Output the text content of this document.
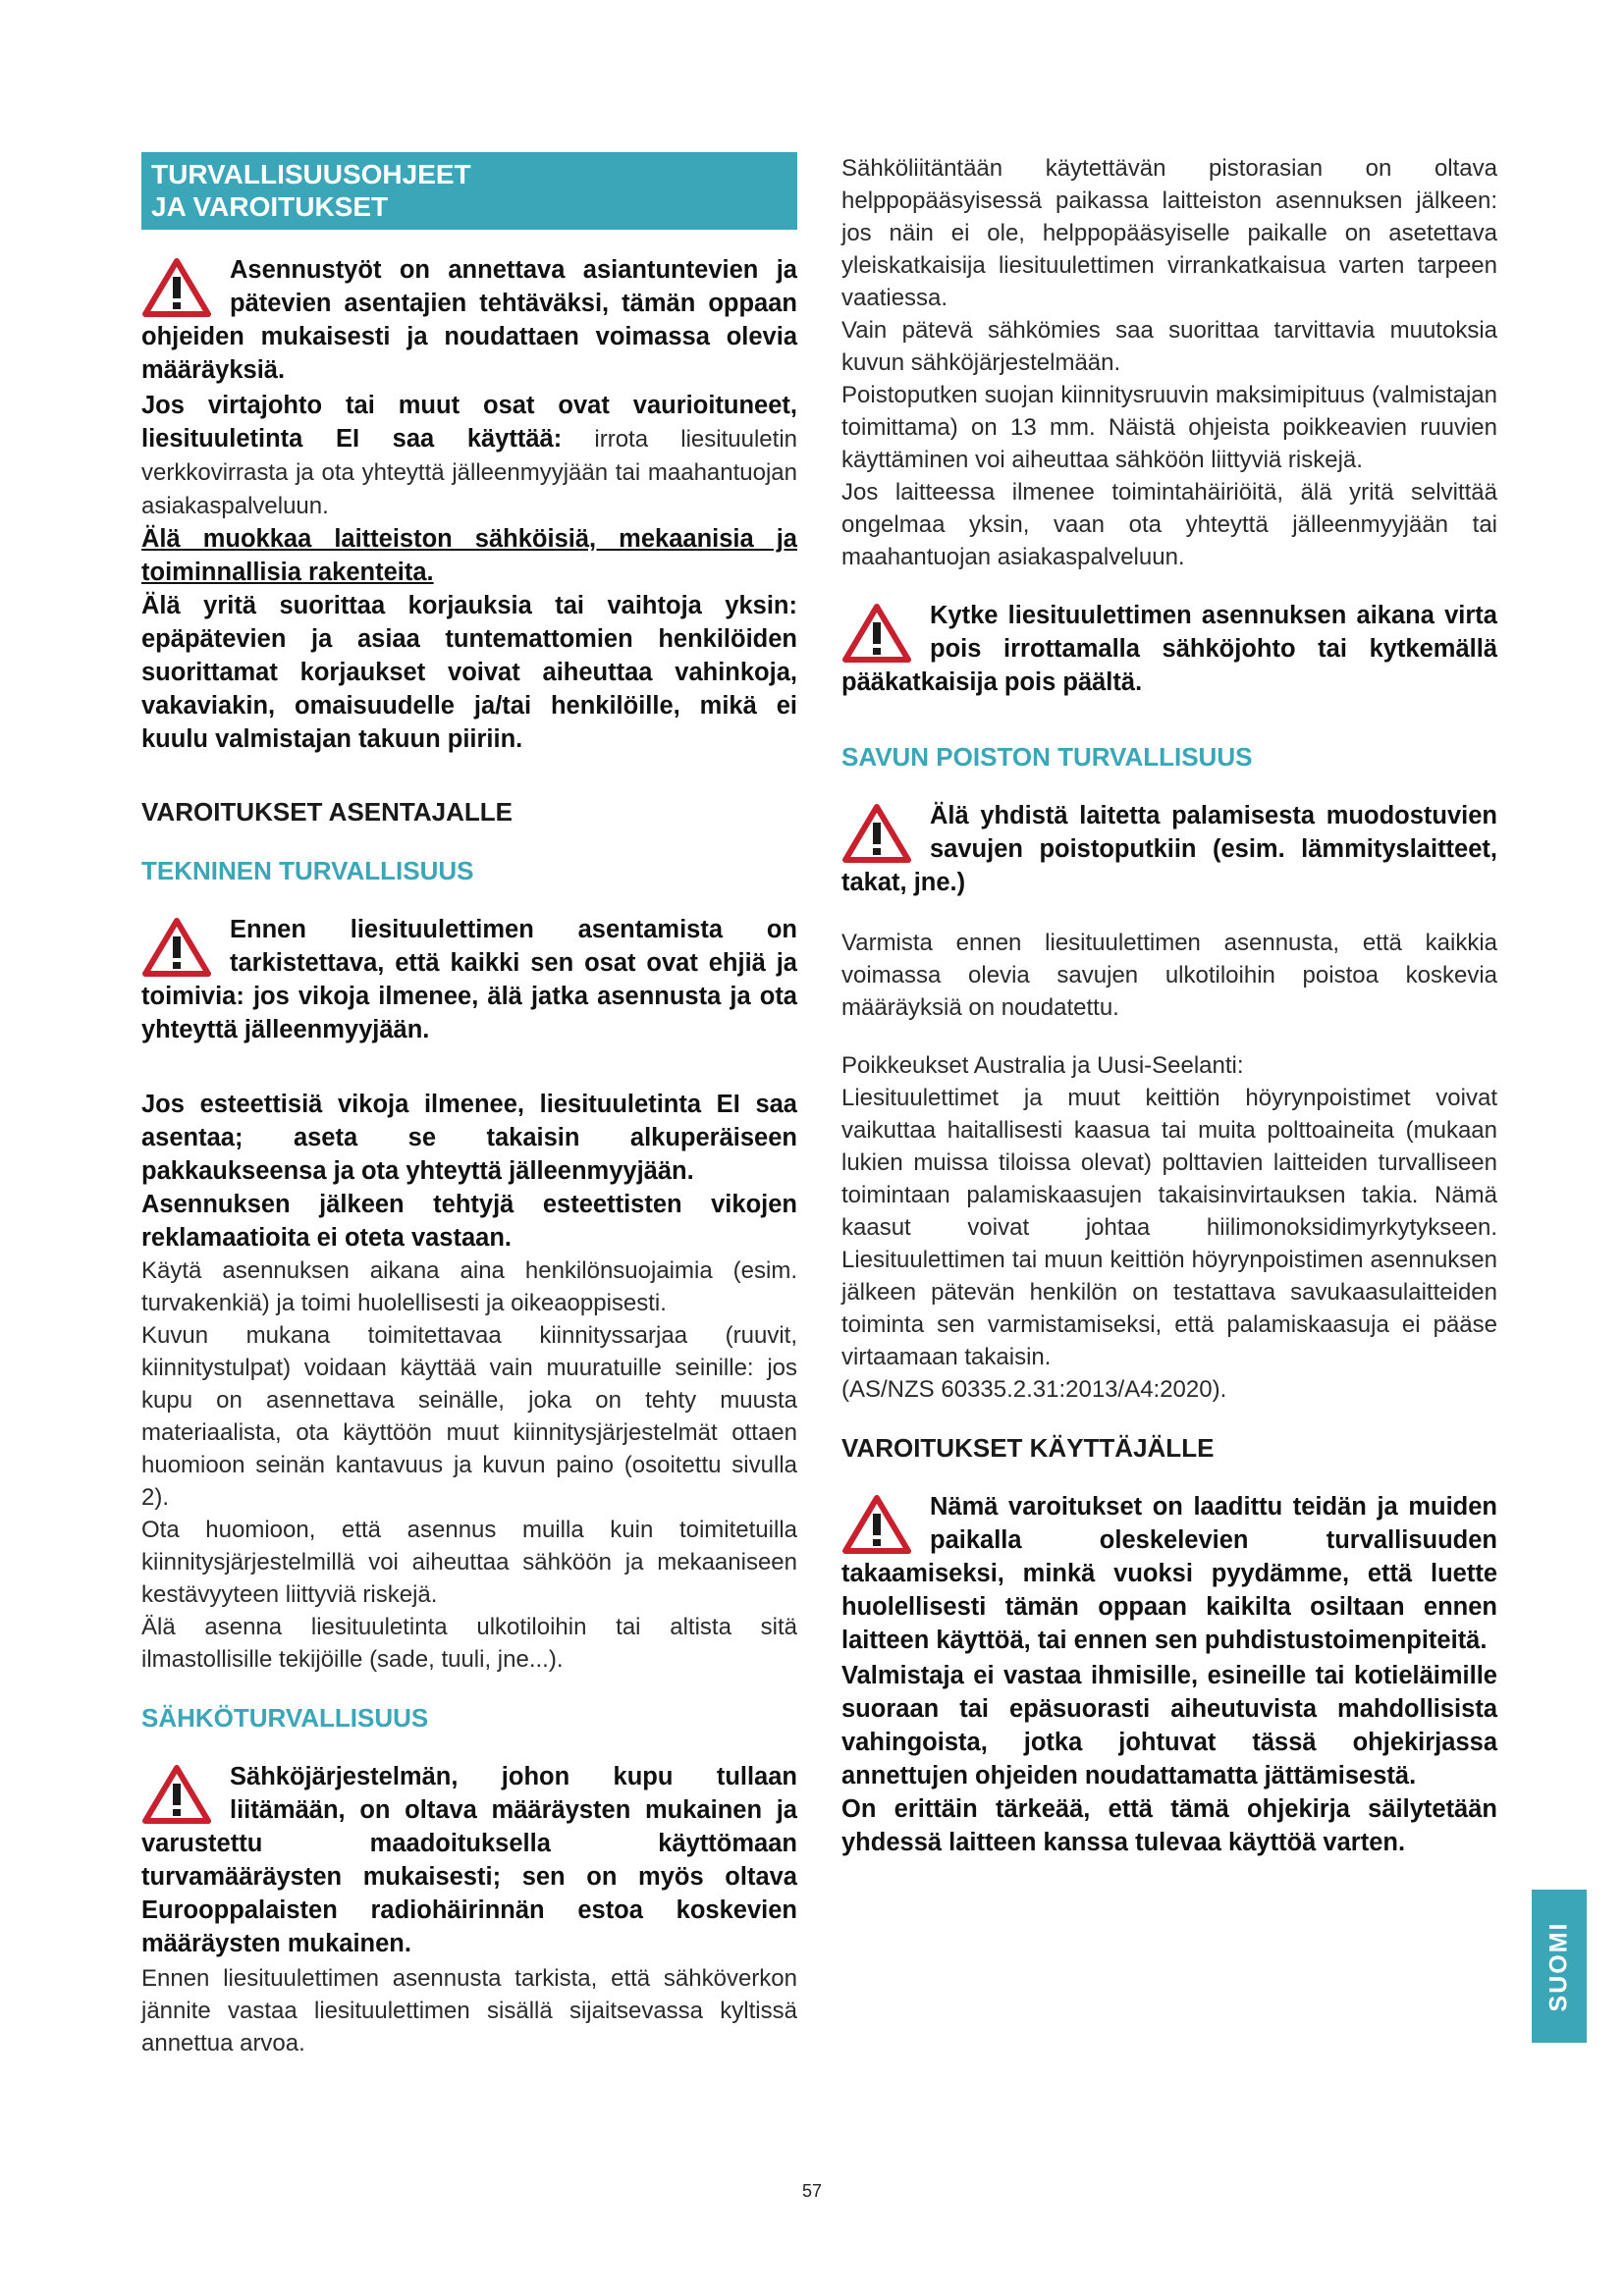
TURVALLISUUSOHJEET
JA VAROITUKSET

Asennustyöt on annettava asiantuntevien ja pätevien asentajien tehtäväksi, tämän oppaan ohjeiden mukaisesti ja noudattaen voimassa olevia määräyksiä.

Jos virtajohto tai muut osat ovat vaurioituneet, liesituuletinta EI saa käyttää: irrota liesituuletin verkkovirrasta ja ota yhteyttä jälleenmyyjään tai maahantuojan asiakaspalveluun.

Älä muokkaa laitteiston sähköisiä, mekaanisia ja toiminnallisia rakenteita.

Älä yritä suorittaa korjauksia tai vaihtoja yksin: epäpätevien ja asiaa tuntemattomien henkilöiden suorittamat korjaukset voivat aiheuttaa vahinkoja, vakaviakin, omaisuudelle ja/tai henkilöille, mikä ei kuulu valmistajan takuun piiriin.

VAROITUKSET ASENTAJALLE
TEKNINEN TURVALLISUUS

Ennen liesituulettimen asentamista on tarkistettava, että kaikki sen osat ovat ehjiä ja toimivia: jos vikoja ilmenee, älä jatka asennusta ja ota yhteyttä jälleenmyyjään.

Jos esteettisiä vikoja ilmenee, liesituuletinta EI saa asentaa; aseta se takaisin alkuperäiseen pakkaukseensa ja ota yhteyttä jälleenmyyjään.

Asennuksen jälkeen tehtyjä esteettisten vikojen reklamaatioita ei oteta vastaan.

Käytä asennuksen aikana aina henkilönsuojaimia (esim. turvakenkiä) ja toimi huolellisesti ja oikeaoppisesti.

Kuvun mukana toimitettavaa kiinnityssarjaa (ruuvit, kiinnitystulpat) voidaan käyttää vain muuratuille seinille: jos kupu on asennettava seinälle, joka on tehty muusta materiaalista, ota käyttöön muut kiinnitysjärjestelmät ottaen huomioon seinän kantavuus ja kuvun paino (osoitettu sivulla 2).

Ota huomioon, että asennus muilla kuin toimitetuilla kiinnitysjärjestelmillä voi aiheuttaa sähköön ja mekaaniseen kestävyyteen liittyviä riskejä.

Älä asenna liesituuletinta ulkotiloihin tai altista sitä ilmastollisille tekijöille (sade, tuuli, jne...).

SÄHKÖTURVALLISUUS

Sähköjärjestelmän, johon kupu tullaan liitämään, on oltava määräysten mukainen ja varustettu maadoituksella käyttömaan turvamääräysten mukaisesti; sen on myös oltava Eurooppalaisten radiohäirinnän estoa koskevien määräysten mukainen.

Ennen liesituulettimen asennusta tarkista, että sähköverkon jännite vastaa liesituulettimen sisällä sijaitsevassa kyltissä annettua arvoa.

Sähköliitäntään käytettävän pistorasian on oltava helppopääsyisessä paikassa laitteiston asennuksen jälkeen: jos näin ei ole, helppopääsyiselle paikalle on asetettava yleiskatkaisija liesituulettimen virrankatkaisua varten tarpeen vaatiessa.

Vain pätevä sähkömies saa suorittaa tarvittavia muutoksia kuvun sähköjärjestelmään.

Poistoputken suojan kiinnitysruuvin maksimipituus (valmistajan toimittama) on 13 mm. Näistä ohjeista poikkeavien ruuvien käyttäminen voi aiheuttaa sähköön liittyviä riskejä.

Jos laitteessa ilmenee toimintahäiriöitä, älä yritä selvittää ongelmaa yksin, vaan ota yhteyttä jälleenmyyjään tai maahantuojan asiakaspalveluun.

Kytke liesituulettimen asennuksen aikana virta pois irrottamalla sähköjohto tai kytkemällä pääkatkaisija pois päältä.

SAVUN POISTON TURVALLISUUS

Älä yhdistä laitetta palamisesta muodostuvien savujen poistoputkiin (esim. lämmityslaitteet, takat, jne.)

Varmista ennen liesituulettimen asennusta, että kaikkia voimassa olevia savujen ulkotiloihin poistoa koskevia määräyksiä on noudatettu.

Poikkeukset Australia ja Uusi-Seelanti:

Liesituulettimet ja muut keittiön höyrynpoistimet voivat vaikuttaa haitallisesti kaasua tai muita polttoaineita (mukaan lukien muissa tiloissa olevat) polttavien laitteiden turvalliseen toimintaan palamiskaasujen takaisinvirtauksen takia. Nämä kaasut voivat johtaa hiilimonoksidimyrkytykseen. Liesituulettimen tai muun keittiön höyrynpoistimen asennuksen jälkeen pätevän henkilön on testattava savukaasulaitteiden toiminta sen varmistamiseksi, että palamiskaasuja ei pääse virtaamaan takaisin.

(AS/NZS 60335.2.31:2013/A4:2020).

VAROITUKSET KÄYTTÄJÄLLE

Nämä varoitukset on laadittu teidän ja muiden paikalla oleskelevien turvallisuuden takaamiseksi, minkä vuoksi pyydämme, että luette huolellisesti tämän oppaan kaikilta osiltaan ennen laitteen käyttöä, tai ennen sen puhdistustoimenpiteitä.

Valmistaja ei vastaa ihmisille, esineille tai kotieläimille suoraan tai epäsuorasti aiheutuvista mahdollisista vahingoista, jotka johtuvat tässä ohjekirjassa annettujen ohjeiden noudattamatta jättämisestä.

On erittäin tärkeää, että tämä ohjekirja säilytetään yhdessä laitteen kanssa tulevaa käyttöä varten.

SUOMI
57
